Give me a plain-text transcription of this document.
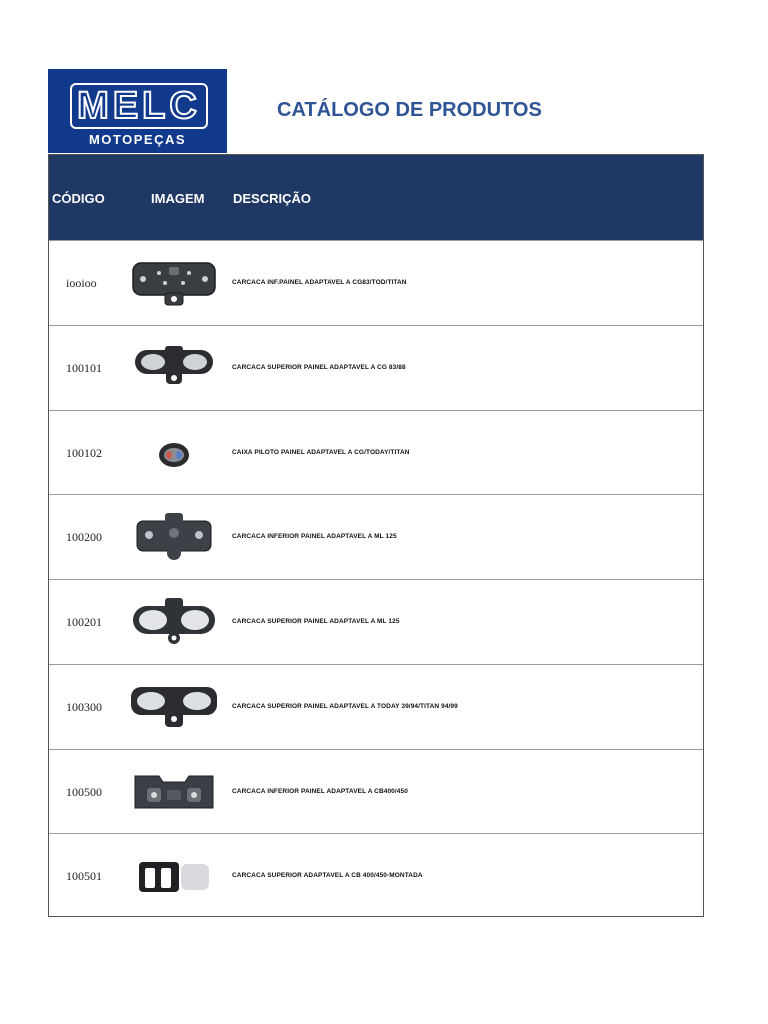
MELC
MOTOPEÇAS
CATÁLOGO DE PRODUTOS
CÓDIGO	IMAGEM DESCRIÇÃO
iooioo	CARCACA INF.PAINEL ADAPTAVEL A CG83/TOD/TITAN
100101	CARCACA SUPERIOR PAINEL ADAPTAVEL A CG 83/88
100102	CAIXA PILOTO PAINEL ADAPTAVEL A CG/TODAY/TITAN
100200	CARCACA INFERIOR PAINEL ADAPTAVEL A ML 125
100201	CARCACA SUPERIOR PAINEL ADAPTAVEL A ML 125
100300	CARCACA SUPERIOR PAINEL ADAPTAVEL A TODAY 39/94/TITAN 94/99
100500	CARCACA INFERIOR PAINEL ADAPTAVEL A CB400/450
100501	CARCACA SUPERIOR ADAPTAVEL A CB 400/450-MONTADA
